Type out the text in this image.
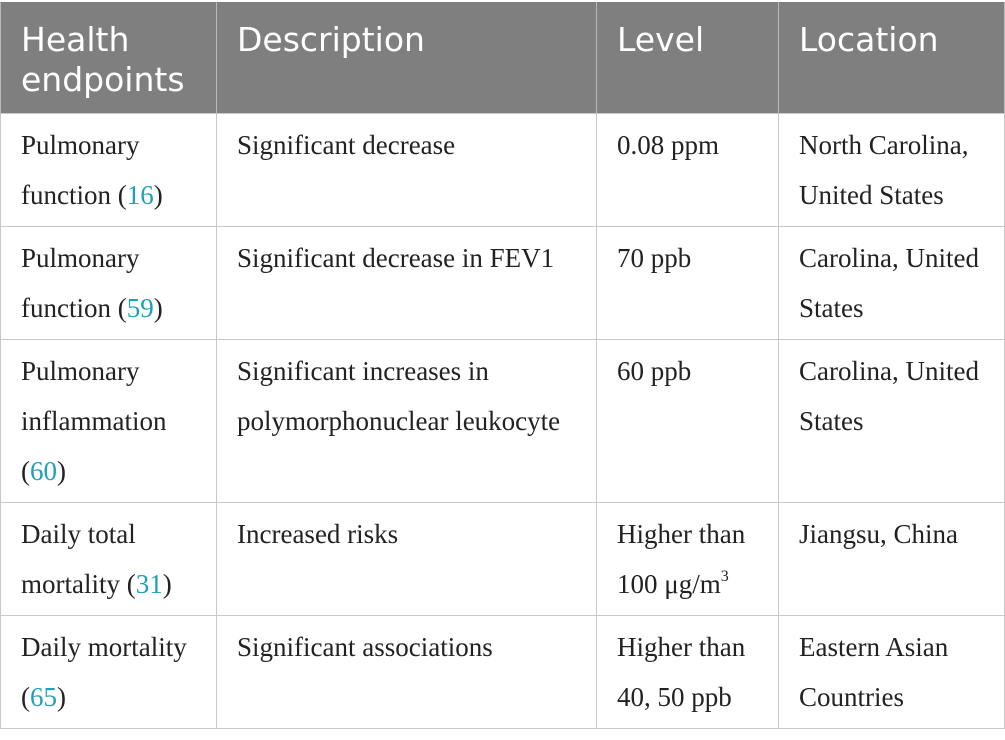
Health endpoints	Description	Level	Location
Pulmonary function (16)	Significant decrease	0.08 ppm	North Carolina, United States
Pulmonary function (59)	Significant decrease in FEV1	70 ppb	Carolina, United States
Pulmonary inflammation (60)	Significant increases in polymorphonuclear leukocyte	60 ppb	Carolina, United States
Daily total mortality (31)	Increased risks	Higher than 100 $\mu g/m^3$	Jiangsu, China
Daily mortality (65)	Significant associations	Higher than 40, 50 ppb	Eastern Asian Countries
